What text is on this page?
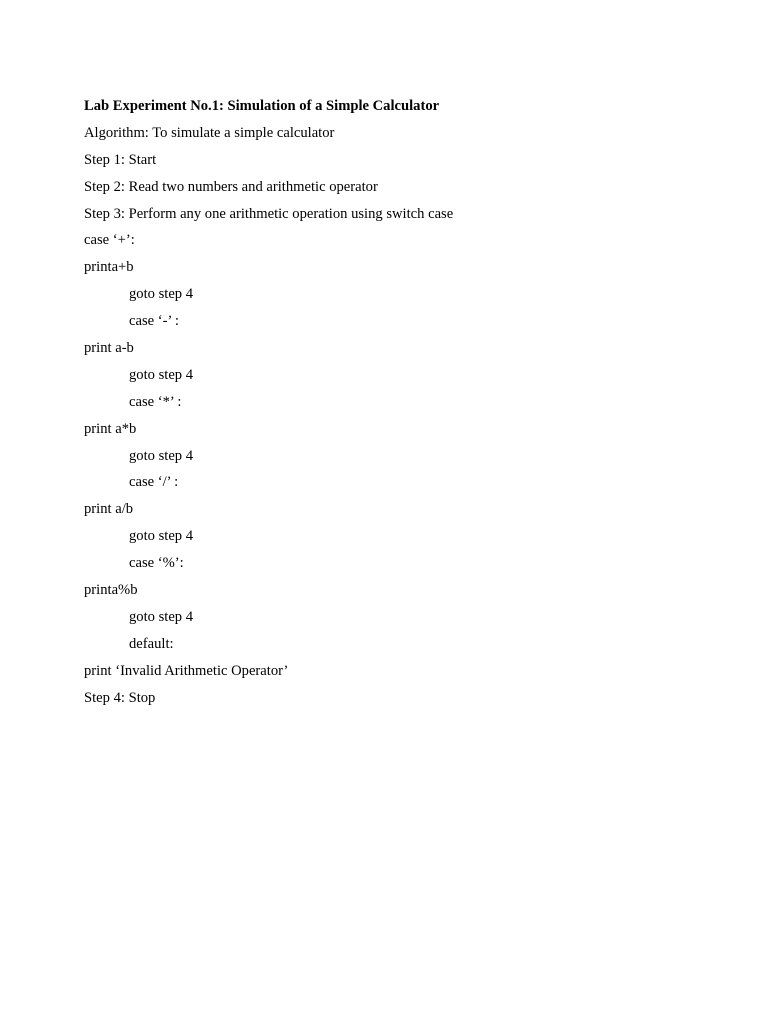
Lab Experiment No.1: Simulation of a Simple Calculator
Algorithm: To simulate a simple calculator
Step 1: Start
Step 2: Read two numbers and arithmetic operator
Step 3: Perform any one arithmetic operation using switch case
case ‘+’:
printa+b
goto step 4
case ‘-’ :
print a-b
goto step 4
case ‘*’ :
print a*b
goto step 4
case ‘/’ :
print a/b
goto step 4
case ‘%’:
printa%b
goto step 4
default:
print ‘Invalid Arithmetic Operator’
Step 4: Stop
